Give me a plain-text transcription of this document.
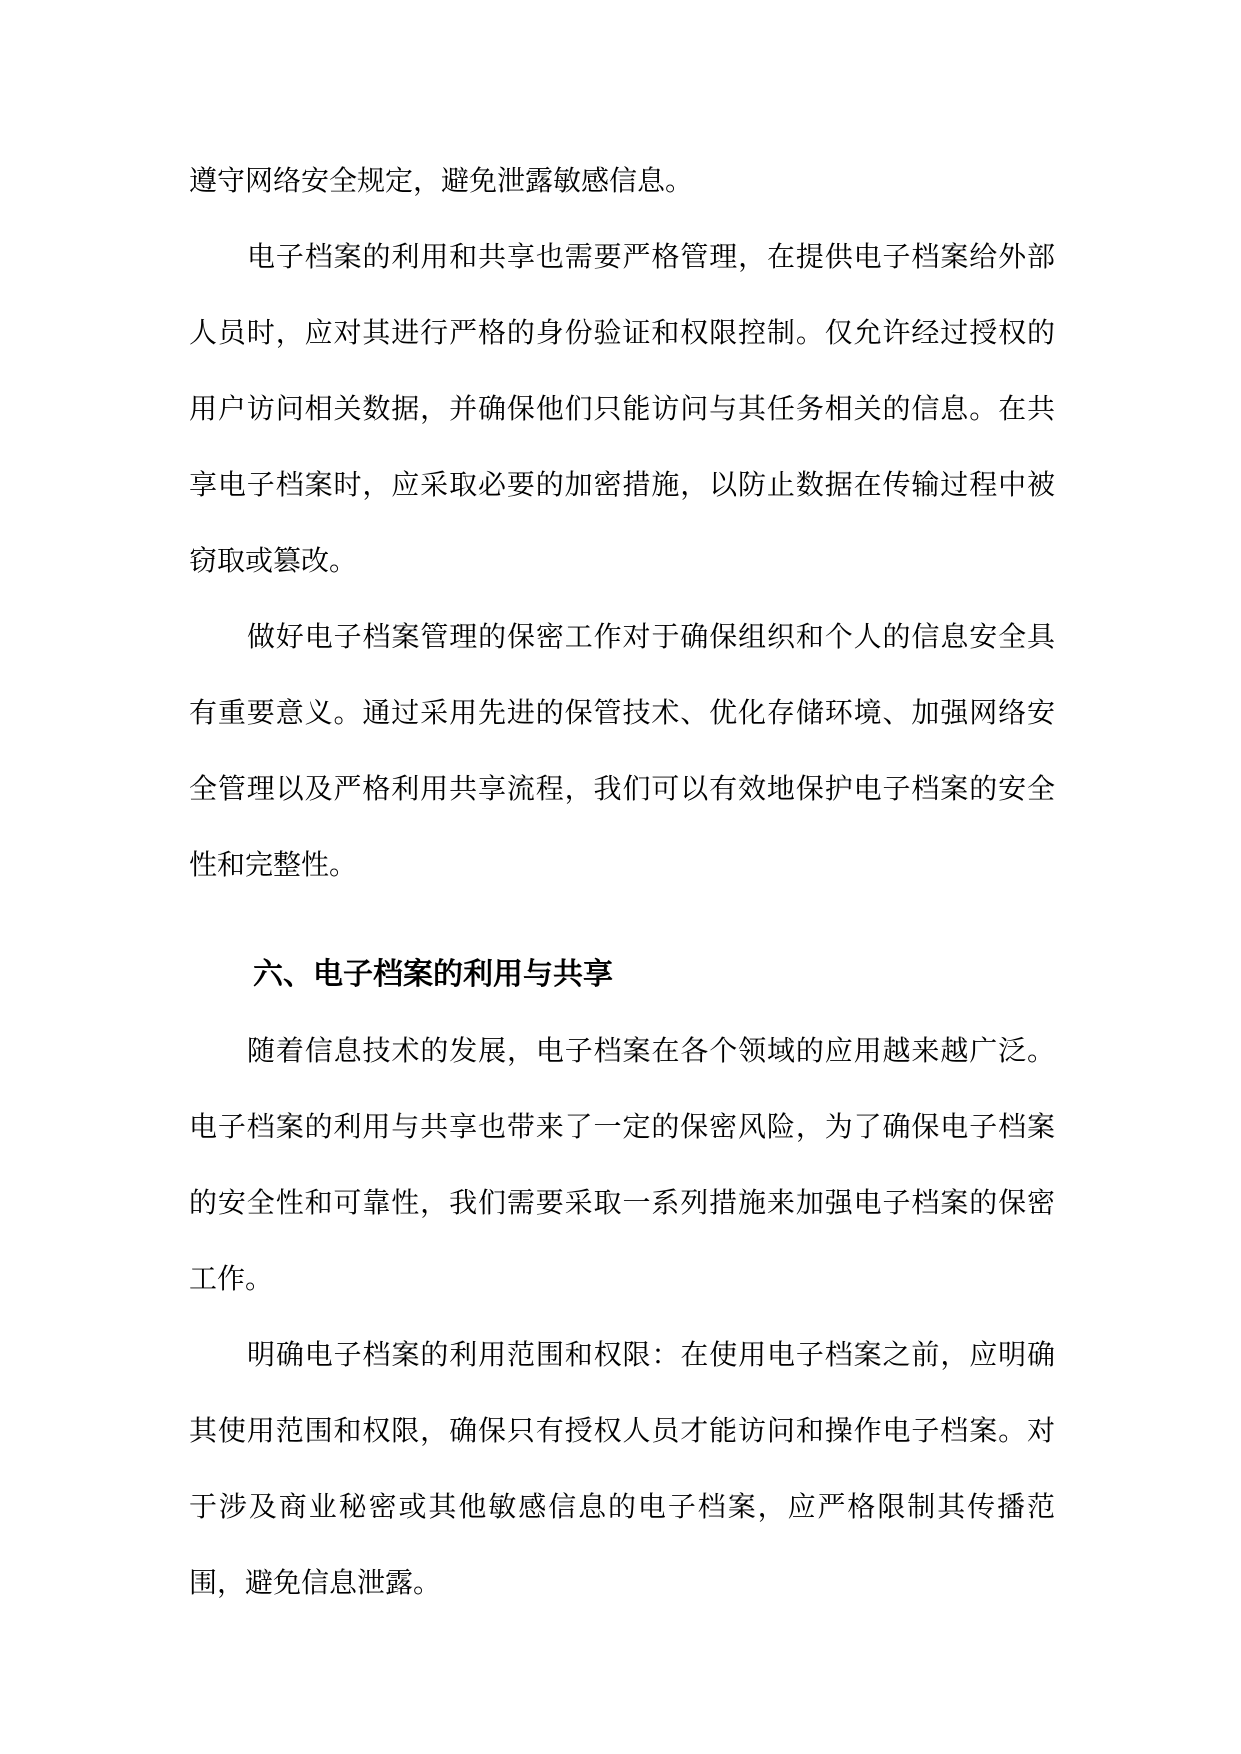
遵守网络安全规定，避免泄露敏感信息。

电子档案的利用和共享也需要严格管理，在提供电子档案给外部人员时，应对其进行严格的身份验证和权限控制。仅允许经过授权的用户访问相关数据，并确保他们只能访问与其任务相关的信息。在共享电子档案时，应采取必要的加密措施，以防止数据在传输过程中被窃取或篡改。

做好电子档案管理的保密工作对于确保组织和个人的信息安全具有重要意义。通过采用先进的保管技术、优化存储环境、加强网络安全管理以及严格利用共享流程，我们可以有效地保护电子档案的安全性和完整性。

六、电子档案的利用与共享

随着信息技术的发展，电子档案在各个领域的应用越来越广泛。电子档案的利用与共享也带来了一定的保密风险，为了确保电子档案的安全性和可靠性，我们需要采取一系列措施来加强电子档案的保密工作。

明确电子档案的利用范围和权限：在使用电子档案之前，应明确其使用范围和权限，确保只有授权人员才能访问和操作电子档案。对于涉及商业秘密或其他敏感信息的电子档案，应严格限制其传播范围，避免信息泄露。
